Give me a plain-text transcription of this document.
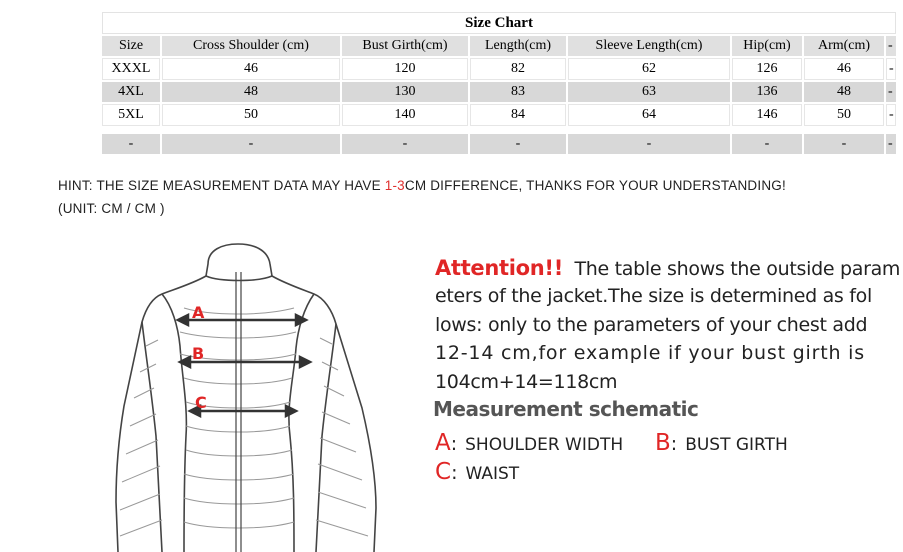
Size Chart							
Size	Cross Shoulder (cm)	Bust Girth(cm)	Length(cm)	Sleeve Length(cm)	Hip(cm)	Arm(cm)	-
XXXL	46	120	82	62	126	46	-
4XL	48	130	83	63	136	48	-
5XL	50	140	84	64	146	50	-

-	-	-	-	-	-	-	-
HINT: THE SIZE MEASUREMENT DATA MAY HAVE 1-3CM DIFFERENCE, THANKS FOR YOUR UNDERSTANDING!
(UNIT: CM / CM )
A
B
C
Attention!! The table shows the outside param
eters of the jacket.The size is determined as fol
lows: only to the parameters of your chest add
12-14 cm,for example if your bust girth is
104cm+14=118cm
Measurement schematic
A: SHOULDER WIDTH B: BUST GIRTH
C: WAIST
